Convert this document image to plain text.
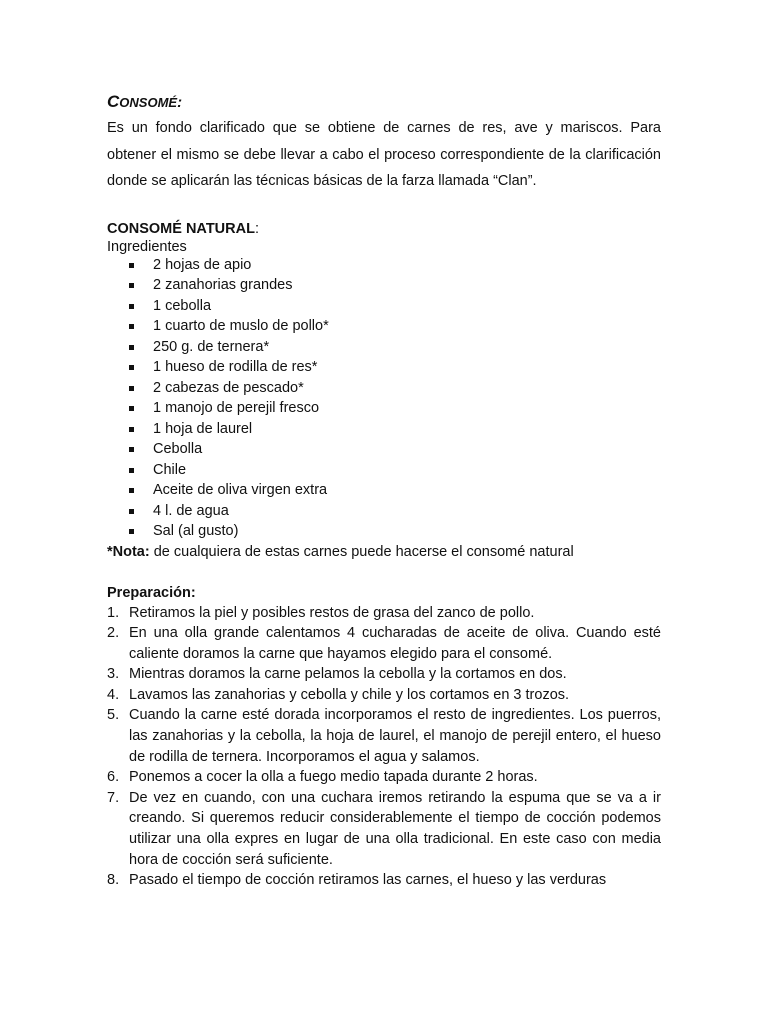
CONSOMÉ:

Es un fondo clarificado que se obtiene de carnes de res, ave y mariscos. Para obtener el mismo se debe llevar a cabo el proceso correspondiente de la clarificación donde se aplicarán las técnicas básicas de la farza llamada “Clan”.

CONSOMÉ NATURAL:

Ingredientes

2 hojas de apio
2 zanahorias grandes
1 cebolla
1 cuarto de muslo de pollo*
250 g. de ternera*
1 hueso de rodilla de res*
2 cabezas de pescado*
1 manojo de perejil fresco
1 hoja de laurel
Cebolla
Chile
Aceite de oliva virgen extra
4 l. de agua
Sal (al gusto)

*Nota: de cualquiera de estas carnes puede hacerse el consomé natural

Preparación:

1. Retiramos la piel y posibles restos de grasa del zanco de pollo.
2. En una olla grande calentamos 4 cucharadas de aceite de oliva. Cuando esté caliente doramos la carne que hayamos elegido para el consomé.
3. Mientras doramos la carne pelamos la cebolla y la cortamos en dos.
4. Lavamos las zanahorias y cebolla y chile y los cortamos en 3 trozos.
5. Cuando la carne esté dorada incorporamos el resto de ingredientes. Los puerros, las zanahorias y la cebolla, la hoja de laurel, el manojo de perejil entero, el hueso de rodilla de ternera. Incorporamos el agua y salamos.
6. Ponemos a cocer la olla a fuego medio tapada durante 2 horas.
7. De vez en cuando, con una cuchara iremos retirando la espuma que se va a ir creando. Si queremos reducir considerablemente el tiempo de cocción podemos utilizar una olla expres en lugar de una olla tradicional. En este caso con media hora de cocción será suficiente.
8. Pasado el tiempo de cocción retiramos las carnes, el hueso y las verduras
